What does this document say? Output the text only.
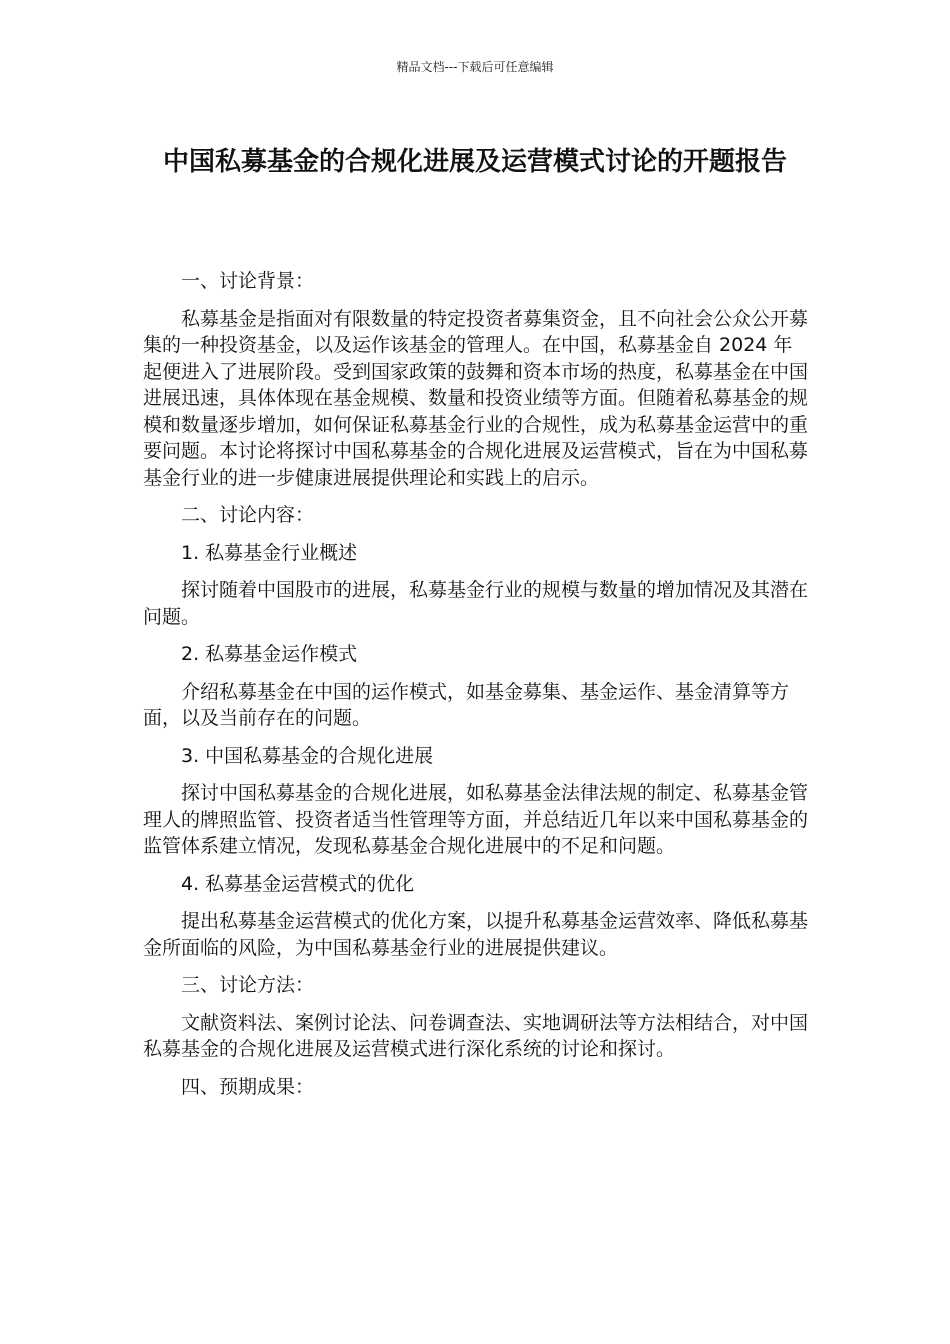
精品文档---下载后可任意编辑
中国私募基金的合规化进展及运营模式讨论的开题报告

一、讨论背景：

私募基金是指面对有限数量的特定投资者募集资金，且不向社会公众公开募集的一种投资基金，以及运作该基金的管理人。在中国，私募基金自 2024 年起便进入了进展阶段。受到国家政策的鼓舞和资本市场的热度，私募基金在中国进展迅速，具体体现在基金规模、数量和投资业绩等方面。但随着私募基金的规模和数量逐步增加，如何保证私募基金行业的合规性，成为私募基金运营中的重要问题。本讨论将探讨中国私募基金的合规化进展及运营模式，旨在为中国私募基金行业的进一步健康进展提供理论和实践上的启示。

二、讨论内容：

1. 私募基金行业概述

探讨随着中国股市的进展，私募基金行业的规模与数量的增加情况及其潜在问题。

2. 私募基金运作模式

介绍私募基金在中国的运作模式，如基金募集、基金运作、基金清算等方面，以及当前存在的问题。

3. 中国私募基金的合规化进展

探讨中国私募基金的合规化进展，如私募基金法律法规的制定、私募基金管理人的牌照监管、投资者适当性管理等方面，并总结近几年以来中国私募基金的监管体系建立情况，发现私募基金合规化进展中的不足和问题。

4. 私募基金运营模式的优化

提出私募基金运营模式的优化方案，以提升私募基金运营效率、降低私募基金所面临的风险，为中国私募基金行业的进展提供建议。

三、讨论方法：

文献资料法、案例讨论法、问卷调查法、实地调研法等方法相结合，对中国私募基金的合规化进展及运营模式进行深化系统的讨论和探讨。

四、预期成果：
